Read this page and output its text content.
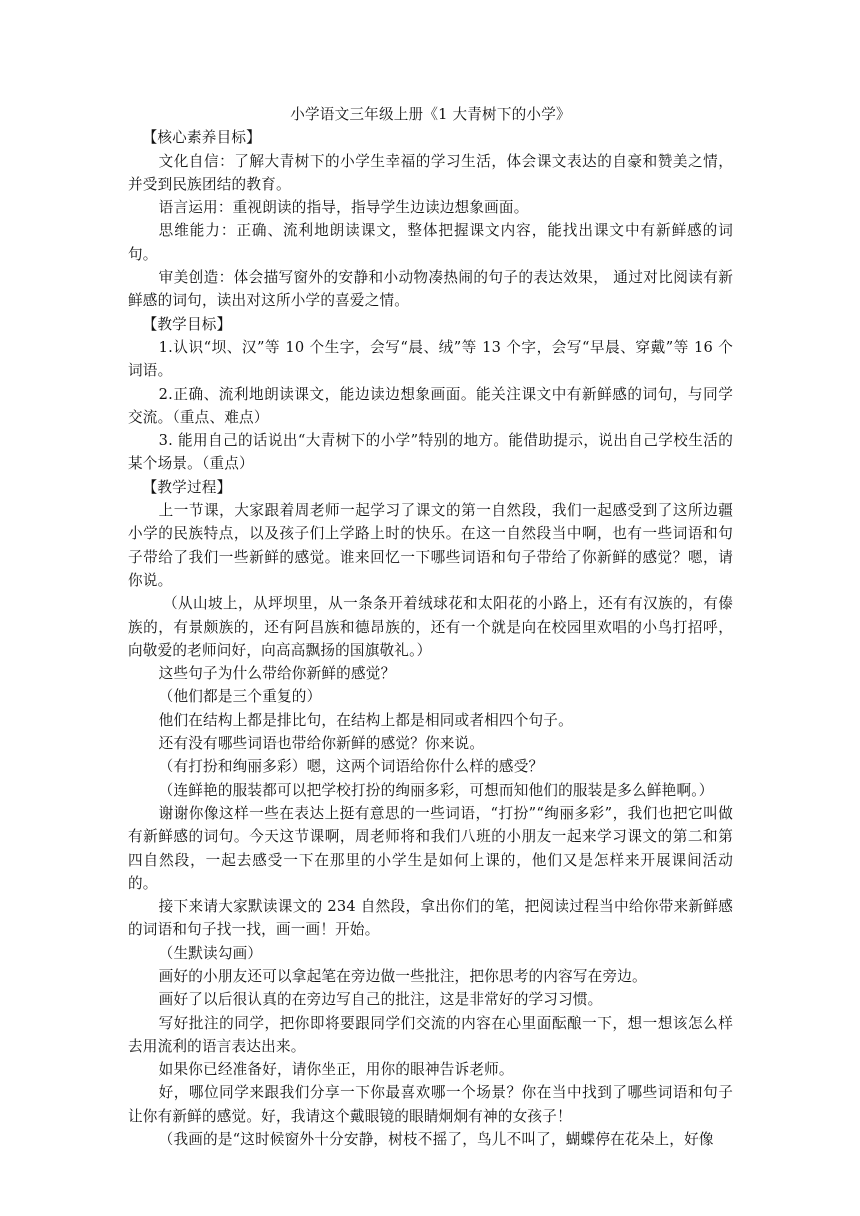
小学语文三年级上册《1 大青树下的小学》

【核心素养目标】

文化自信：了解大青树下的小学生幸福的学习生活，体会课文表达的自豪和赞美之情，并受到民族团结的教育。

语言运用：重视朗读的指导，指导学生边读边想象画面。

思维能力：正确、流利地朗读课文，整体把握课文内容，能找出课文中有新鲜感的词句。

审美创造：体会描写窗外的安静和小动物凑热闹的句子的表达效果， 通过对比阅读有新鲜感的词句，读出对这所小学的喜爱之情。

【教学目标】

1.认识“坝、汉”等 10 个生字，会写“晨、绒”等 13 个字，会写“早晨、穿戴”等 16 个词语。

2.正确、流利地朗读课文，能边读边想象画面。能关注课文中有新鲜感的词句，与同学交流。（重点、难点）

3. 能用自己的话说出“大青树下的小学”特别的地方。能借助提示，说出自己学校生活的某个场景。（重点）

【教学过程】

上一节课，大家跟着周老师一起学习了课文的第一自然段，我们一起感受到了这所边疆小学的民族特点，以及孩子们上学路上时的快乐。在这一自然段当中啊，也有一些词语和句子带给了我们一些新鲜的感觉。谁来回忆一下哪些词语和句子带给了你新鲜的感觉？嗯，请你说。

（从山坡上，从坪坝里，从一条条开着绒球花和太阳花的小路上，还有有汉族的，有傣族的，有景颇族的，还有阿昌族和德昂族的，还有一个就是向在校园里欢唱的小鸟打招呼，向敬爱的老师问好，向高高飘扬的国旗敬礼。）

这些句子为什么带给你新鲜的感觉？

（他们都是三个重复的）

他们在结构上都是排比句，在结构上都是相同或者相四个句子。

还有没有哪些词语也带给你新鲜的感觉？你来说。

（有打扮和绚丽多彩）嗯，这两个词语给你什么样的感受？

（连鲜艳的服装都可以把学校打扮的绚丽多彩，可想而知他们的服装是多么鲜艳啊。）

谢谢你像这样一些在表达上挺有意思的一些词语，“打扮”“绚丽多彩”，我们也把它叫做有新鲜感的词句。今天这节课啊，周老师将和我们八班的小朋友一起来学习课文的第二和第四自然段，一起去感受一下在那里的小学生是如何上课的，他们又是怎样来开展课间活动的。

接下来请大家默读课文的 234 自然段，拿出你们的笔，把阅读过程当中给你带来新鲜感的词语和句子找一找，画一画！开始。

（生默读勾画）

画好的小朋友还可以拿起笔在旁边做一些批注，把你思考的内容写在旁边。

画好了以后很认真的在旁边写自己的批注，这是非常好的学习习惯。

写好批注的同学，把你即将要跟同学们交流的内容在心里面酝酿一下，想一想该怎么样去用流利的语言表达出来。

如果你已经准备好，请你坐正，用你的眼神告诉老师。

好，哪位同学来跟我们分享一下你最喜欢哪一个场景？你在当中找到了哪些词语和句子让你有新鲜的感觉。好，我请这个戴眼镜的眼睛炯炯有神的女孩子！

（我画的是“这时候窗外十分安静，树枝不摇了，鸟儿不叫了，蝴蝶停在花朵上，好像
